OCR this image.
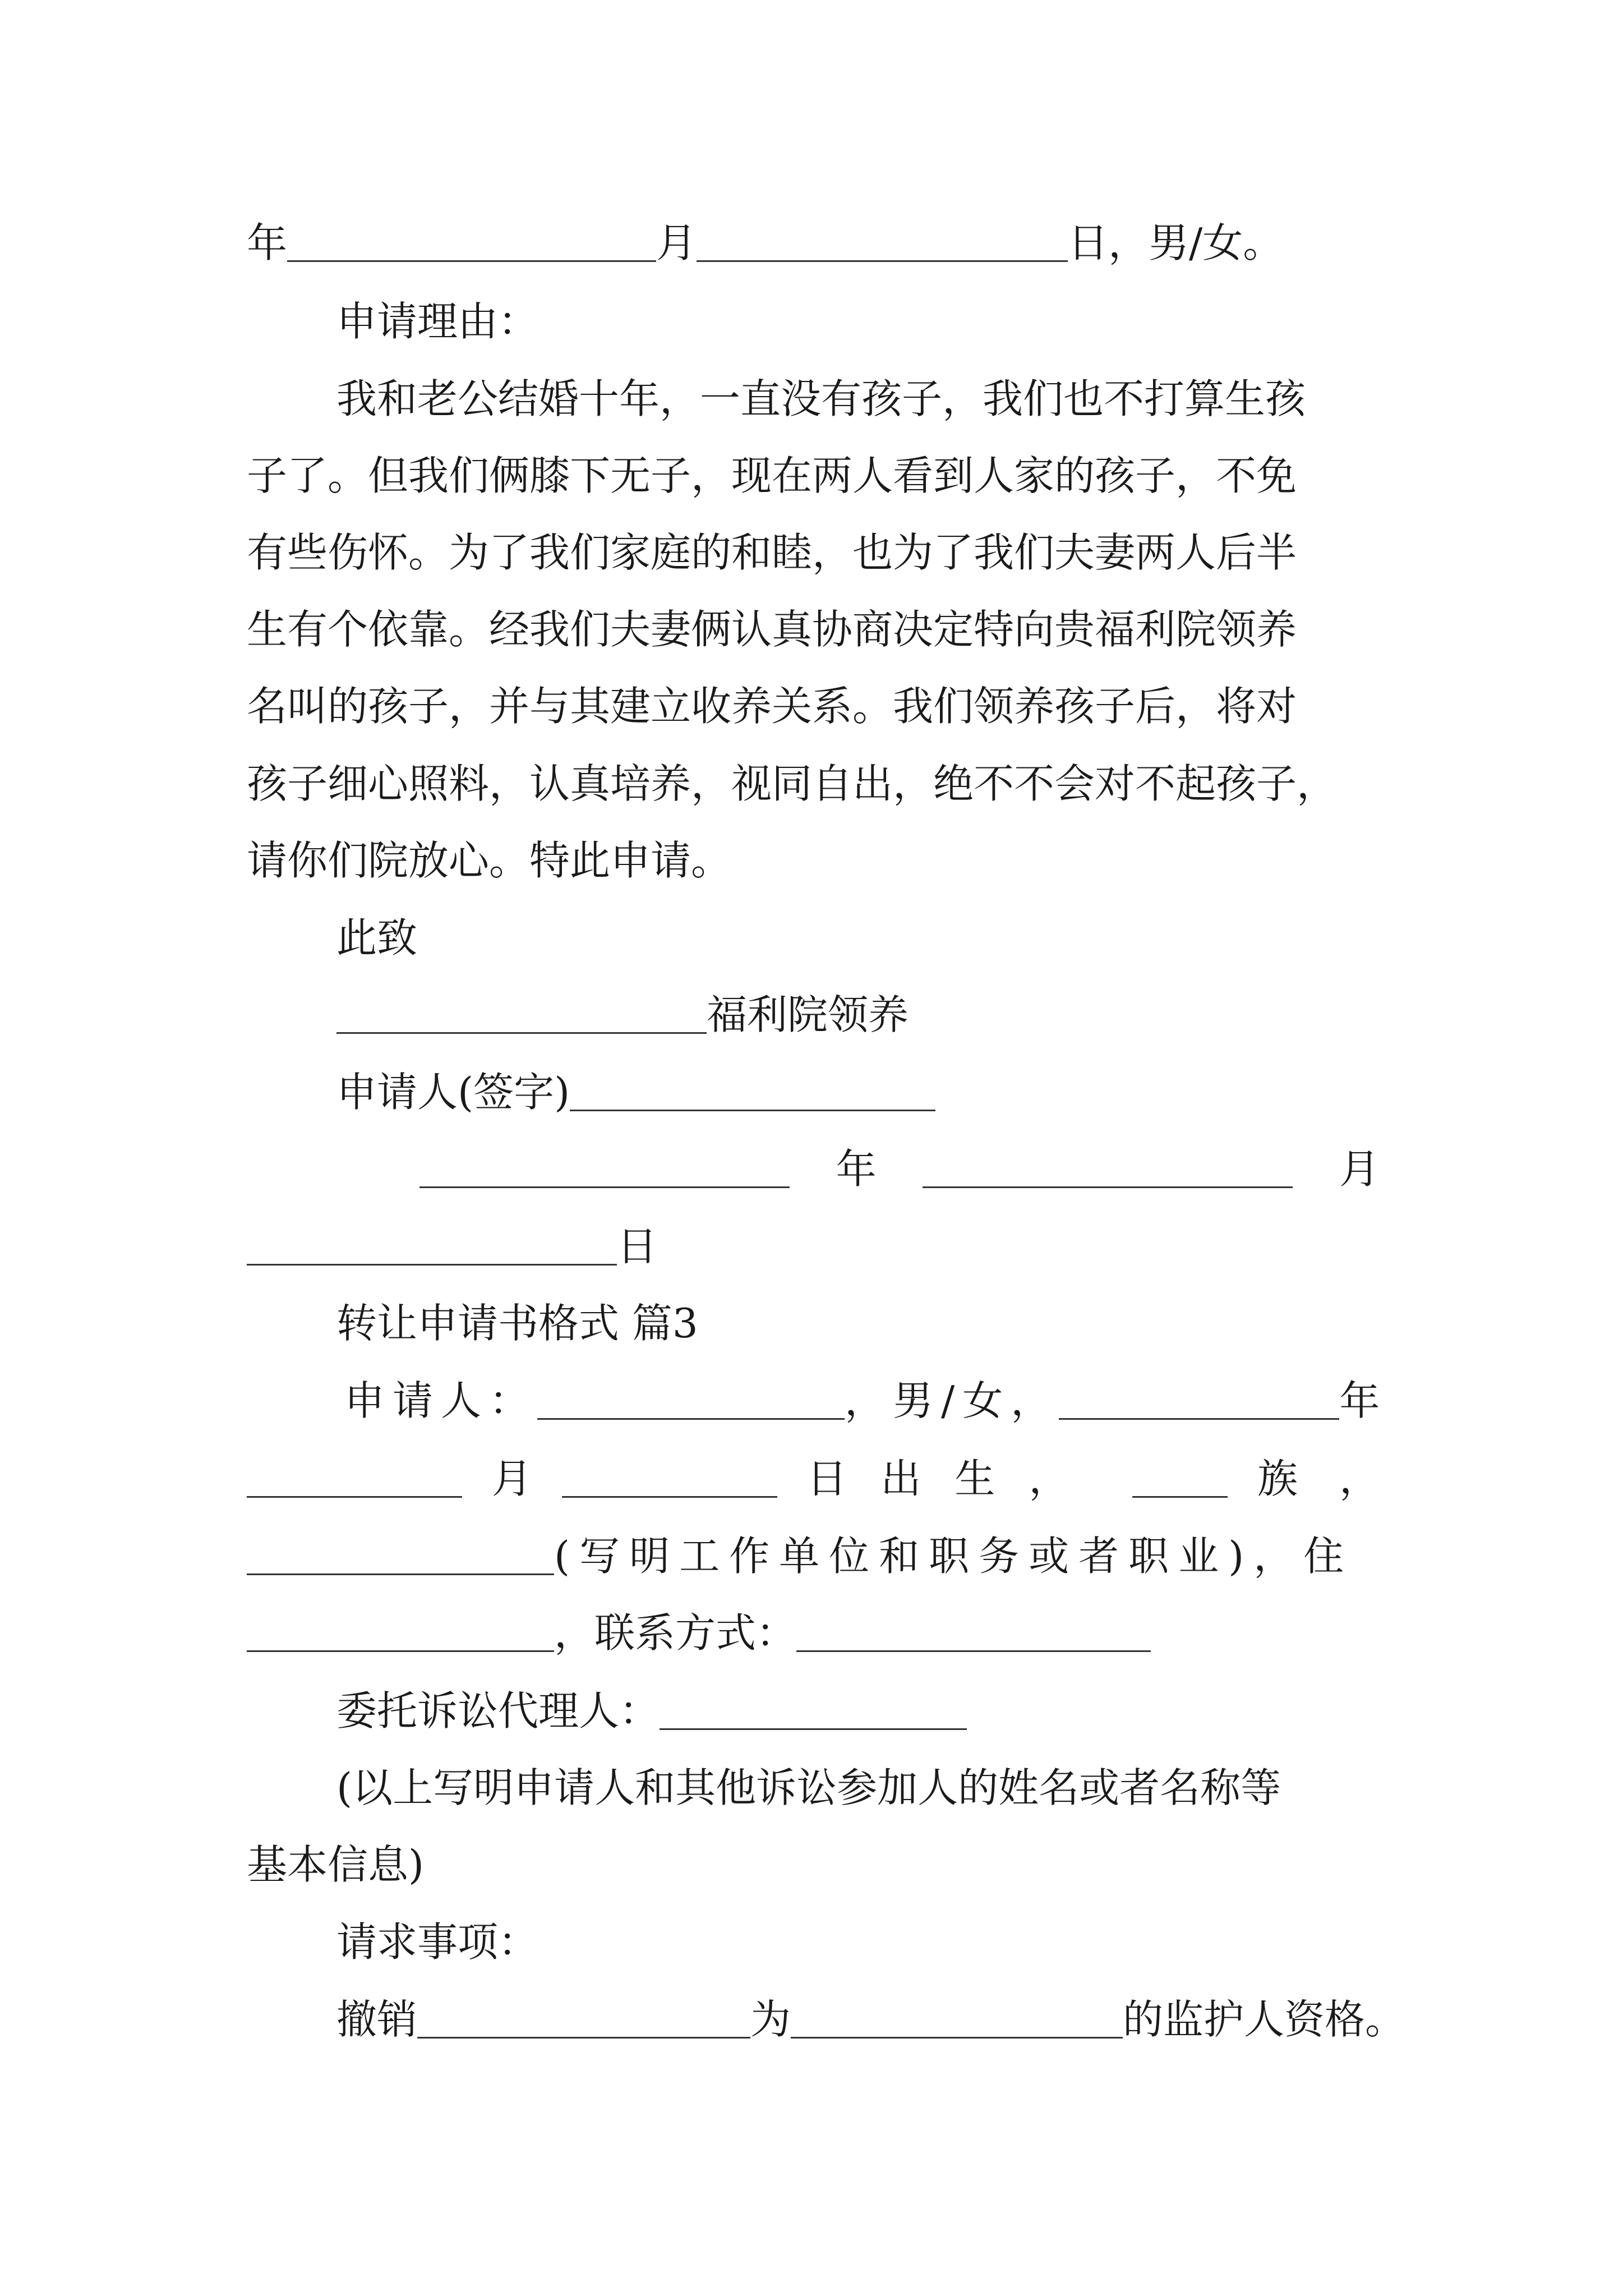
年	月	日，男/女。
申请理由：
我和老公结婚十年，一直没有孩子，我们也不打算生孩
子了。但我们俩膝下无子，现在两人看到人家的孩子，不免
有些伤怀。为了我们家庭的和睦，也为了我们夫妻两人后半
生有个依靠。经我们夫妻俩认真协商决定特向贵福利院领养
名叫的孩子，并与其建立收养关系。我们领养孩子后，将对
孩子细心照料，认真培养，视同自出，绝不不会对不起孩子，
请你们院放心。特此申请。
此致
福利院领养
申请人(签字)
年	月
日
转让申请书格式 篇3
申请人：	，男/女，	年
月	日出生，	族，
(写明工作单位和职务或者职业)，住
，联系方式：
委托诉讼代理人：
(以上写明申请人和其他诉讼参加人的姓名或者名称等
基本信息)
请求事项：
撤销	为	的监护人资格。
